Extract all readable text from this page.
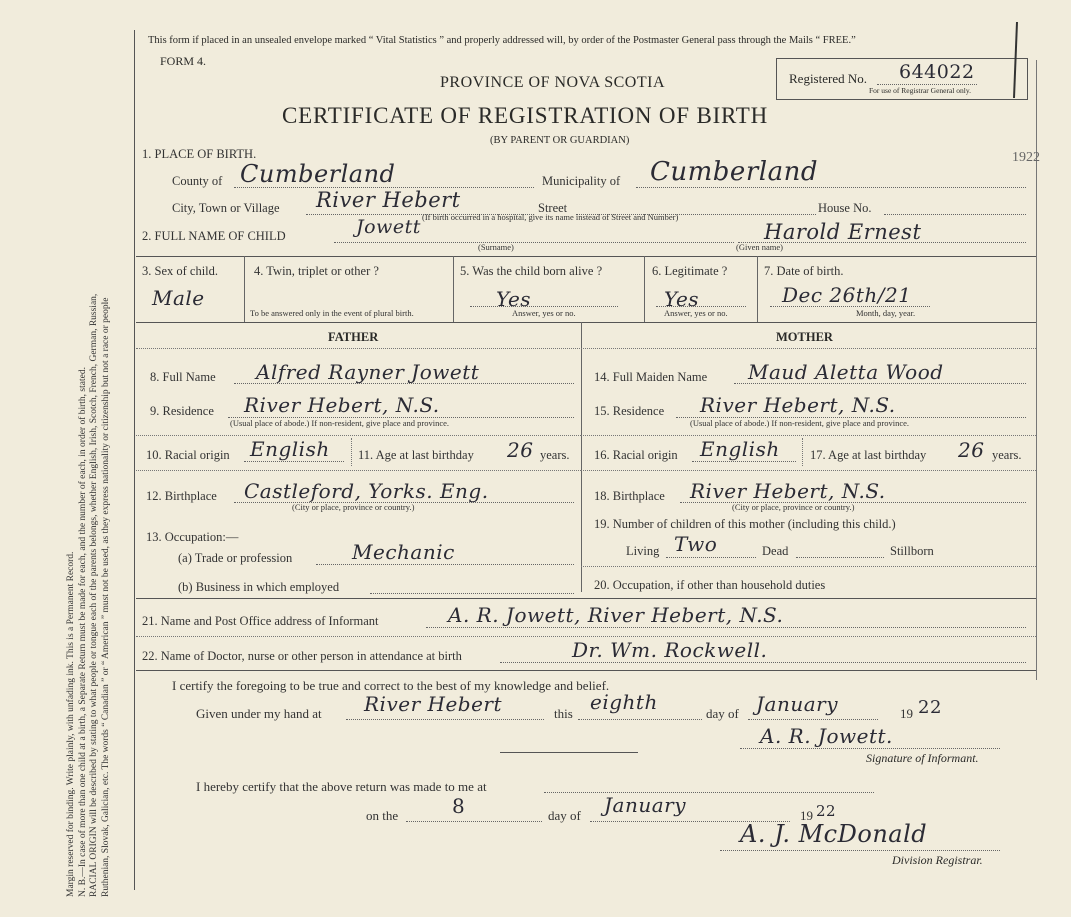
Margin reserved for binding. Write plainly, with unfading ink. This is a Permanent Record. N. B.—In case of more than one child at a birth, a Separate Return must be made for each, and the number of each, in order of birth, stated. RACIAL ORIGIN will be described by stating to what people or tongue each of the parents belongs, whether English, Irish, Scotch, French, German, Russian, Ruthenian, Slovak, Galician, etc. The words “ Canadian ” or “ American ” must not be used, as they express nationality or citizenship but not a race or people
This form if placed in an unsealed envelope marked “ Vital Statistics ” and properly addressed will, by order of the Postmaster General pass through the Mails “ FREE.”
FORM 4.
PROVINCE OF NOVA SCOTIA
CERTIFICATE OF REGISTRATION OF BIRTH
(BY PARENT OR GUARDIAN)
Registered No. 644022
For use of Registrar General only.
1922
1. PLACE OF BIRTH.
County of Cumberland	Municipality of Cumberland
City, Town or Village River Hebert	Street	House No.
(If birth occurred in a hospital, give its name instead of Street and Number)
2. FULL NAME OF CHILD	Jowett
(Surname)
Harold Ernest
(Given name)
3. Sex of child.
Male
4. Twin, triplet or other ?
To be answered only in the event of plural birth.
5. Was the child born alive ?
Yes
Answer, yes or no.
6. Legitimate ?
Yes
Answer, yes or no.
7. Date of birth.
Dec 26th/21
Month, day, year.
FATHER	MOTHER
8. Full Name Alfred Rayner Jowett
9. Residence River Hebert, N.S.
(Usual place of abode.) If non-resident, give place and province.
10. Racial origin English 11. Age at last birthday 26 years.
12. Birthplace Castleford, Yorks. Eng.
(City or place, province or country.)
13. Occupation:—
(a) Trade or profession	Mechanic
(b) Business in which employed
14. Full Maiden Name Maud Aletta Wood
15. Residence River Hebert, N.S.
(Usual place of abode.) If non-resident, give place and province.
16. Racial origin English 17. Age at last birthday 26 years.
18. Birthplace River Hebert, N.S.
(City or place, province or country.)
19. Number of children of this mother (including this child.)
Living Two	Dead	Stillborn
20. Occupation, if other than household duties
21. Name and Post Office address of Informant	A. R. Jowett, River Hebert, N.S.
22. Name of Doctor, nurse or other person in attendance at birth	Dr. Wm. Rockwell.
I certify the foregoing to be true and correct to the best of my knowledge and belief.
Given under my hand at River Hebert	this eighth	day of January	19 22
A. R. Jowett.
Signature of Informant.
I hereby certify that the above return was made to me at
on the	8	day of January	19 22
A. J. McDonald
Division Registrar.
